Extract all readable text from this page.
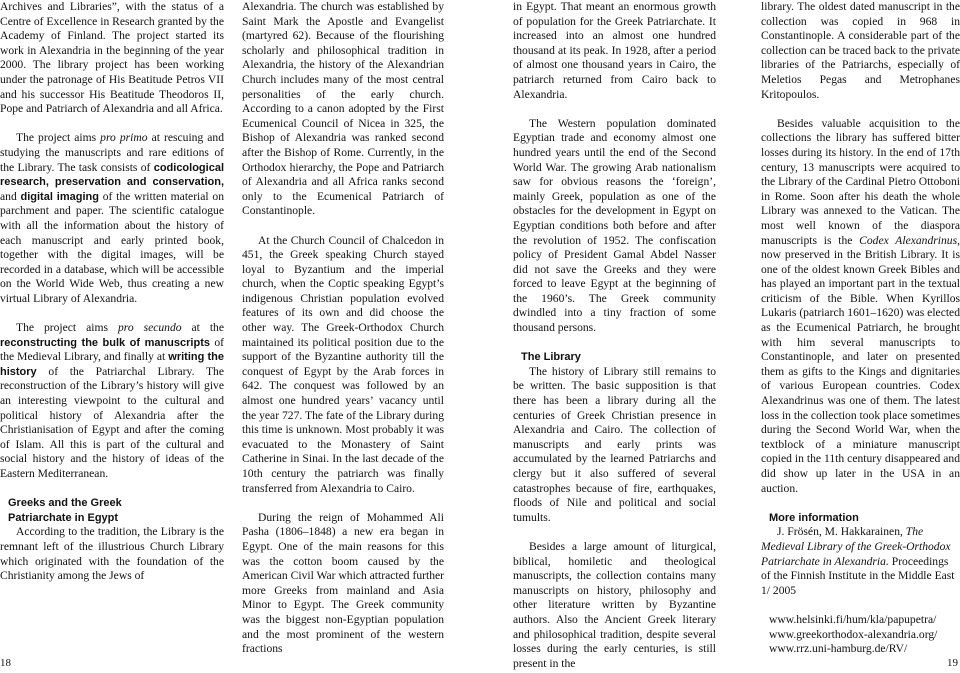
Archives and Libraries”, with the status of a Centre of Excellence in Research granted by the Academy of Finland. The project started its work in Alexandria in the beginning of the year 2000. The library project has been working under the patronage of His Beatitude Petros VII and his successor His Beatitude Theodoros II, Pope and Patriarch of Alexandria and all Africa.

The project aims pro primo at rescuing and studying the manuscripts and rare editions of the Library. The task consists of codicological research, preservation and conservation, and digital imaging of the written material on parchment and paper. The scientific catalogue with all the information about the history of each manuscript and early printed book, together with the digital images, will be recorded in a database, which will be accessible on the World Wide Web, thus creating a new virtual Library of Alexandria.

The project aims pro secundo at the reconstructing the bulk of manuscripts of the Medieval Library, and finally at writing the history of the Patriarchal Library. The reconstruction of the Library’s history will give an interesting viewpoint to the cultural and political history of Alexandria after the Christianisation of Egypt and after the coming of Islam. All this is part of the cultural and social history and the history of ideas of the Eastern Mediterranean.

Greeks and the Greek
Patriarchate in Egypt

According to the tradition, the Library is the remnant left of the illustrious Church Library which originated with the foundation of the Christianity among the Jews of

Alexandria. The church was established by Saint Mark the Apostle and Evangelist (martyred 62). Because of the flourishing scholarly and philosophical tradition in Alexandria, the history of the Alexandrian Church includes many of the most central personalities of the early church. According to a canon adopted by the First Ecumenical Council of Nicea in 325, the Bishop of Alexandria was ranked second after the Bishop of Rome. Currently, in the Orthodox hierarchy, the Pope and Patriarch of Alexandria and all Africa ranks second only to the Ecumenical Patriarch of Constantinople.

At the Church Council of Chalcedon in 451, the Greek speaking Church stayed loyal to Byzantium and the imperial church, when the Coptic speaking Egypt’s indigenous Christian population evolved features of its own and did choose the other way. The Greek-Orthodox Church maintained its political position due to the support of the Byzantine authority till the conquest of Egypt by the Arab forces in 642. The conquest was followed by an almost one hundred years’ vacancy until the year 727. The fate of the Library during this time is unknown. Most probably it was evacuated to the Monastery of Saint Catherine in Sinai. In the last decade of the 10th century the patriarch was finally transferred from Alexandria to Cairo.

During the reign of Mohammed Ali Pasha (1806–1848) a new era began in Egypt. One of the main reasons for this was the cotton boom caused by the American Civil War which attracted further more Greeks from mainland and Asia Minor to Egypt. The Greek community was the biggest non-Egyptian population and the most prominent of the western fractions

in Egypt. That meant an enormous growth of population for the Greek Patriarchate. It increased into an almost one hundred thousand at its peak. In 1928, after a period of almost one thousand years in Cairo, the patriarch returned from Cairo back to Alexandria.

The Western population dominated Egyptian trade and economy almost one hundred years until the end of the Second World War. The growing Arab nationalism saw for obvious reasons the ‘foreign’, mainly Greek, population as one of the obstacles for the development in Egypt on Egyptian conditions both before and after the revolution of 1952. The confiscation policy of President Gamal Abdel Nasser did not save the Greeks and they were forced to leave Egypt at the beginning of the 1960’s. The Greek community dwindled into a tiny fraction of some thousand persons.

The Library

The history of Library still remains to be written. The basic supposition is that there has been a library during all the centuries of Greek Christian presence in Alexandria and Cairo. The collection of manuscripts and early prints was accumulated by the learned Patriarchs and clergy but it also suffered of several catastrophes because of fire, earthquakes, floods of Nile and political and social tumults.

Besides a large amount of liturgical, biblical, homiletic and theological manuscripts, the collection contains many manuscripts on history, philosophy and other literature written by Byzantine authors. Also the Ancient Greek literary and philosophical tradition, despite several losses during the early centuries, is still present in the

library. The oldest dated manuscript in the collection was copied in 968 in Constantinople. A considerable part of the collection can be traced back to the private libraries of the Patriarchs, especially of Meletios Pegas and Metrophanes Kritopoulos.

Besides valuable acquisition to the collections the library has suffered bitter losses during its history. In the end of 17th century, 13 manuscripts were acquired to the Library of the Cardinal Pietro Ottoboni in Rome. Soon after his death the whole Library was annexed to the Vatican. The most well known of the diaspora manuscripts is the Codex Alexandrinus, now preserved in the British Library. It is one of the oldest known Greek Bibles and has played an important part in the textual criticism of the Bible. When Kyrillos Lukaris (patriarch 1601–1620) was elected as the Ecumenical Patriarch, he brought with him several manuscripts to Constantinople, and later on presented them as gifts to the Kings and dignitaries of various European countries. Codex Alexandrinus was one of them. The latest loss in the collection took place sometimes during the Second World War, when the textblock of a miniature manuscript copied in the 11th century disappeared and did show up later in the USA in an auction.

More information

J. Frösén, M. Hakkarainen, The Medieval Library of the Greek-Orthodox Patriarchate in Alexandria. Proceedings of the Finnish Institute in the Middle East 1/ 2005

www.helsinki.fi/hum/kla/papupetra/
www.greekorthodox-alexandria.org/
www.rrz.uni-hamburg.de/RV/
18	19
